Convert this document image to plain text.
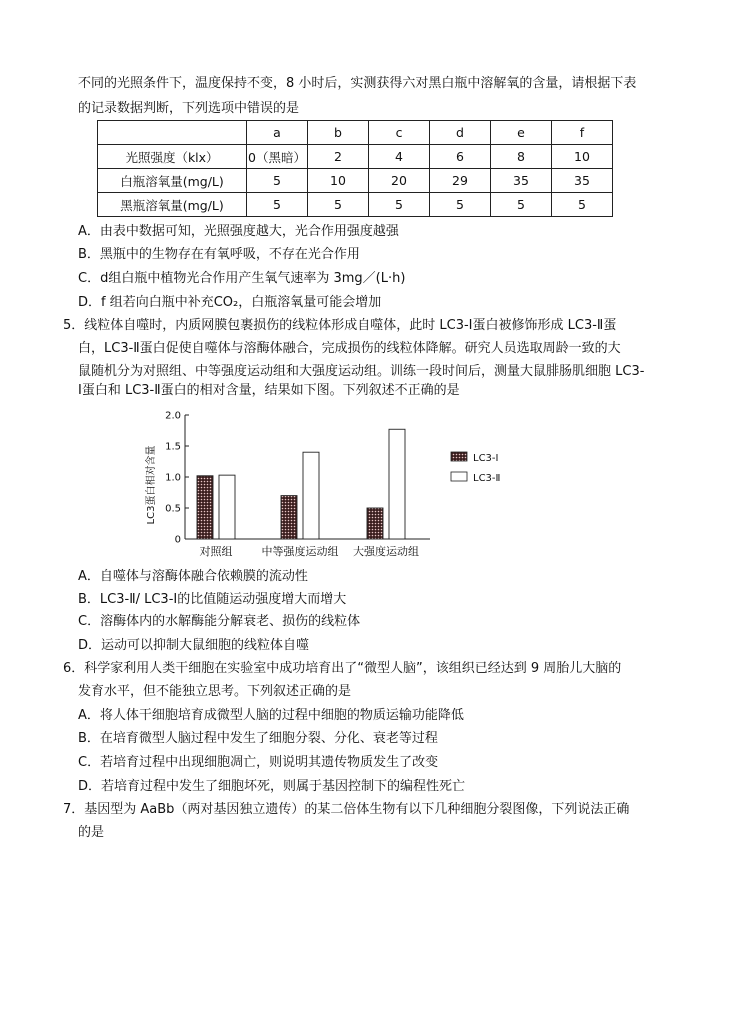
不同的光照条件下，温度保持不变，8 小时后，实测获得六对黑白瓶中溶解氧的含量，请根据下表
的记录数据判断，下列选项中错误的是
	a	b	c	d	e	f
光照强度（klx）	0（黑暗）	2	4	6	8	10
白瓶溶氧量(mg/L)	5	10	20	29	35	35
黑瓶溶氧量(mg/L)	5	5	5	5	5	5
A．由表中数据可知，光照强度越大，光合作用强度越强
B．黑瓶中的生物存在有氧呼吸，不存在光合作用
C．d组白瓶中植物光合作用产生氧气速率为 3mg／(L·h)
D．f 组若向白瓶中补充CO₂，白瓶溶氧量可能会增加
5．线粒体自噬时，内质网膜包裹损伤的线粒体形成自噬体，此时 LC3-Ⅰ蛋白被修饰形成 LC3-Ⅱ蛋
白，LC3-Ⅱ蛋白促使自噬体与溶酶体融合，完成损伤的线粒体降解。研究人员选取周龄一致的大
鼠随机分为对照组、中等强度运动组和大强度运动组。训练一段时间后，测量大鼠腓肠肌细胞 LC3-
Ⅰ蛋白和 LC3-Ⅱ蛋白的相对含量，结果如下图。下列叙述不正确的是
LC3蛋白相对含量
0
0.5
1.0
1.5
2.0
对照组	中等强度运动组 大强度运动组
LC3-Ⅰ
LC3-Ⅱ
A．自噬体与溶酶体融合依赖膜的流动性
B．LC3-Ⅱ/ LC3-Ⅰ的比值随运动强度增大而增大
C．溶酶体内的水解酶能分解衰老、损伤的线粒体
D．运动可以抑制大鼠细胞的线粒体自噬
6．科学家利用人类干细胞在实验室中成功培育出了“微型人脑”，该组织已经达到 9 周胎儿大脑的
发育水平，但不能独立思考。下列叙述正确的是
A．将人体干细胞培育成微型人脑的过程中细胞的物质运输功能降低
B．在培育微型人脑过程中发生了细胞分裂、分化、衰老等过程
C．若培育过程中出现细胞凋亡，则说明其遗传物质发生了改变
D．若培育过程中发生了细胞坏死，则属于基因控制下的编程性死亡
7．基因型为 AaBb（两对基因独立遗传）的某二倍体生物有以下几种细胞分裂图像，下列说法正确
的是
